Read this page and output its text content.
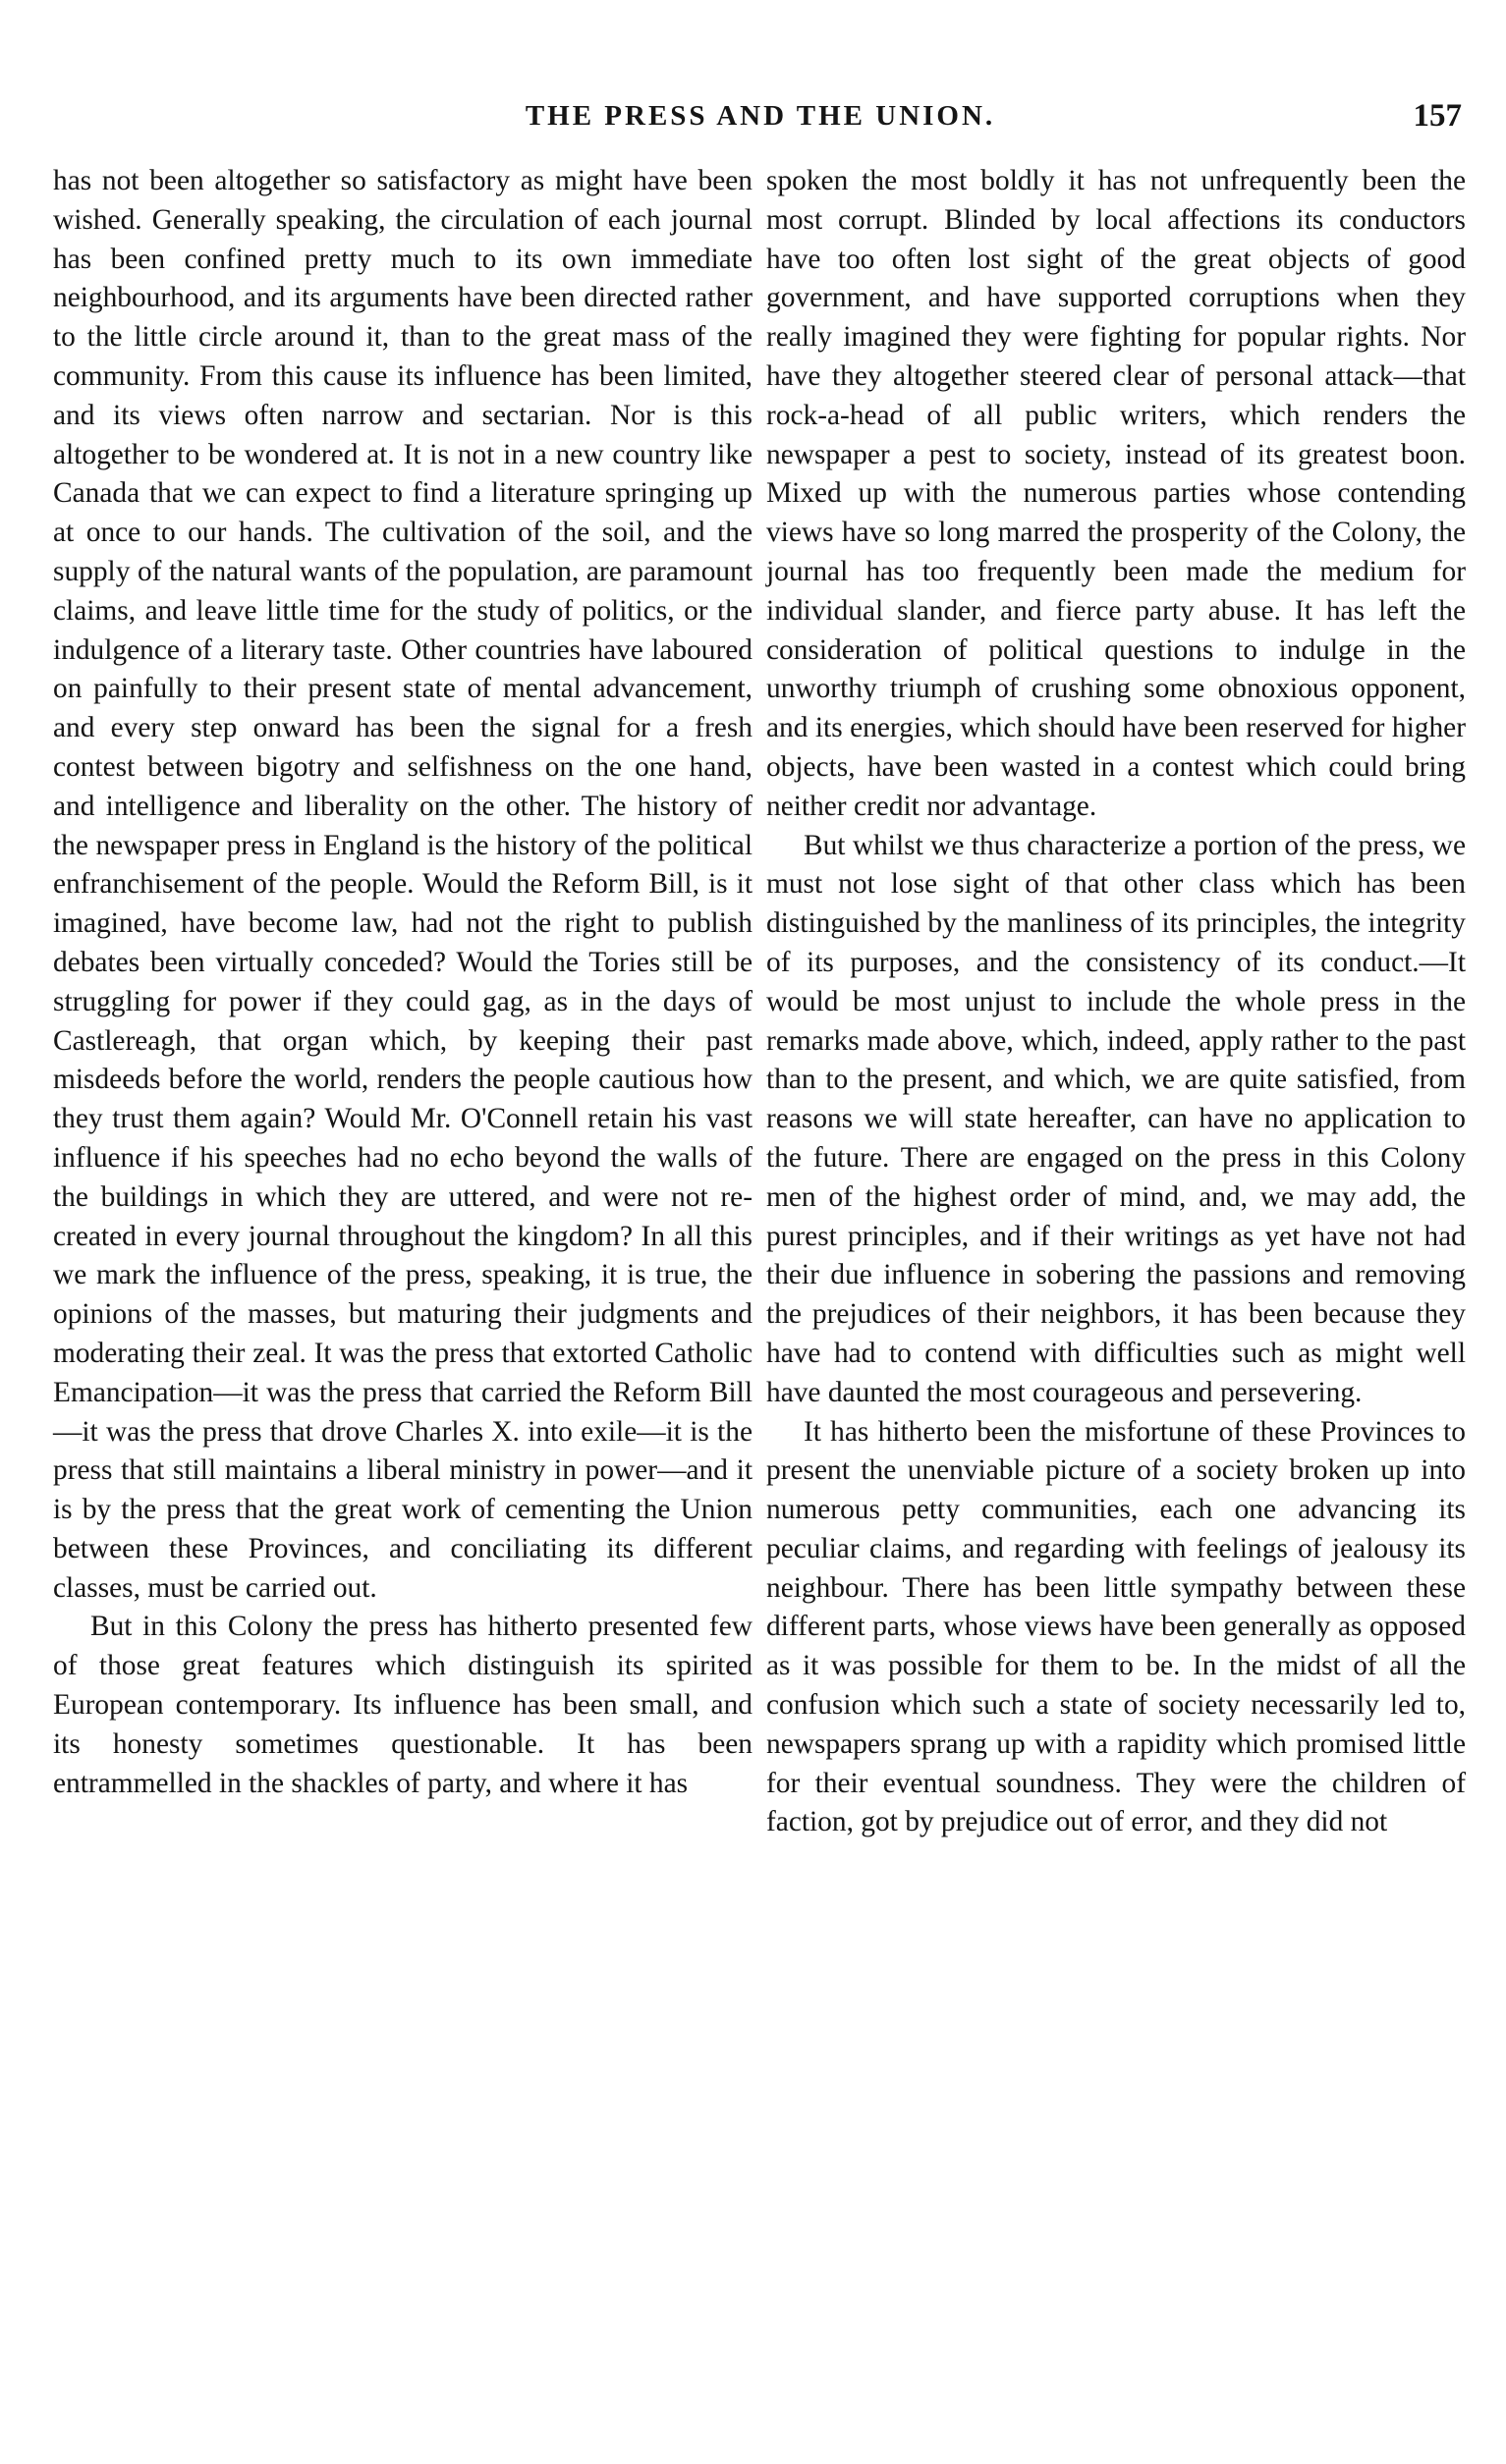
THE PRESS AND THE UNION.	157

has not been altogether so satisfactory as might have been wished. Generally speaking, the circulation of each journal has been confined pretty much to its own immediate neighbourhood, and its arguments have been directed rather to the little circle around it, than to the great mass of the community. From this cause its influence has been limited, and its views often narrow and sectarian. Nor is this altogether to be wondered at. It is not in a new country like Canada that we can expect to find a literature springing up at once to our hands. The cultivation of the soil, and the supply of the natural wants of the population, are paramount claims, and leave little time for the study of politics, or the indulgence of a literary taste. Other countries have laboured on painfully to their present state of mental advancement, and every step onward has been the signal for a fresh contest between bigotry and selfishness on the one hand, and intelligence and liberality on the other. The history of the newspaper press in England is the history of the political enfranchisement of the people. Would the Reform Bill, is it imagined, have become law, had not the right to publish debates been virtually conceded? Would the Tories still be struggling for power if they could gag, as in the days of Castlereagh, that organ which, by keeping their past misdeeds before the world, renders the people cautious how they trust them again? Would Mr. O'Connell retain his vast influence if his speeches had no echo beyond the walls of the buildings in which they are uttered, and were not re-created in every journal throughout the kingdom? In all this we mark the influence of the press, speaking, it is true, the opinions of the masses, but maturing their judgments and moderating their zeal. It was the press that extorted Catholic Emancipation—it was the press that carried the Reform Bill—it was the press that drove Charles X. into exile—it is the press that still maintains a liberal ministry in power—and it is by the press that the great work of cementing the Union between these Provinces, and conciliating its different classes, must be carried out.

But in this Colony the press has hitherto presented few of those great features which distinguish its spirited European contemporary. Its influence has been small, and its honesty sometimes questionable. It has been entrammelled in the shackles of party, and where it has

spoken the most boldly it has not unfrequently been the most corrupt. Blinded by local affections its conductors have too often lost sight of the great objects of good government, and have supported corruptions when they really imagined they were fighting for popular rights. Nor have they altogether steered clear of personal attack—that rock-a-head of all public writers, which renders the newspaper a pest to society, instead of its greatest boon. Mixed up with the numerous parties whose contending views have so long marred the prosperity of the Colony, the journal has too frequently been made the medium for individual slander, and fierce party abuse. It has left the consideration of political questions to indulge in the unworthy triumph of crushing some obnoxious opponent, and its energies, which should have been reserved for higher objects, have been wasted in a contest which could bring neither credit nor advantage.

But whilst we thus characterize a portion of the press, we must not lose sight of that other class which has been distinguished by the manliness of its principles, the integrity of its purposes, and the consistency of its conduct.—It would be most unjust to include the whole press in the remarks made above, which, indeed, apply rather to the past than to the present, and which, we are quite satisfied, from reasons we will state hereafter, can have no application to the future. There are engaged on the press in this Colony men of the highest order of mind, and, we may add, the purest principles, and if their writings as yet have not had their due influence in sobering the passions and removing the prejudices of their neighbors, it has been because they have had to contend with difficulties such as might well have daunted the most courageous and persevering.

It has hitherto been the misfortune of these Provinces to present the unenviable picture of a society broken up into numerous petty communities, each one advancing its peculiar claims, and regarding with feelings of jealousy its neighbour. There has been little sympathy between these different parts, whose views have been generally as opposed as it was possible for them to be. In the midst of all the confusion which such a state of society necessarily led to, newspapers sprang up with a rapidity which promised little for their eventual soundness. They were the children of faction, got by prejudice out of error, and they did not
